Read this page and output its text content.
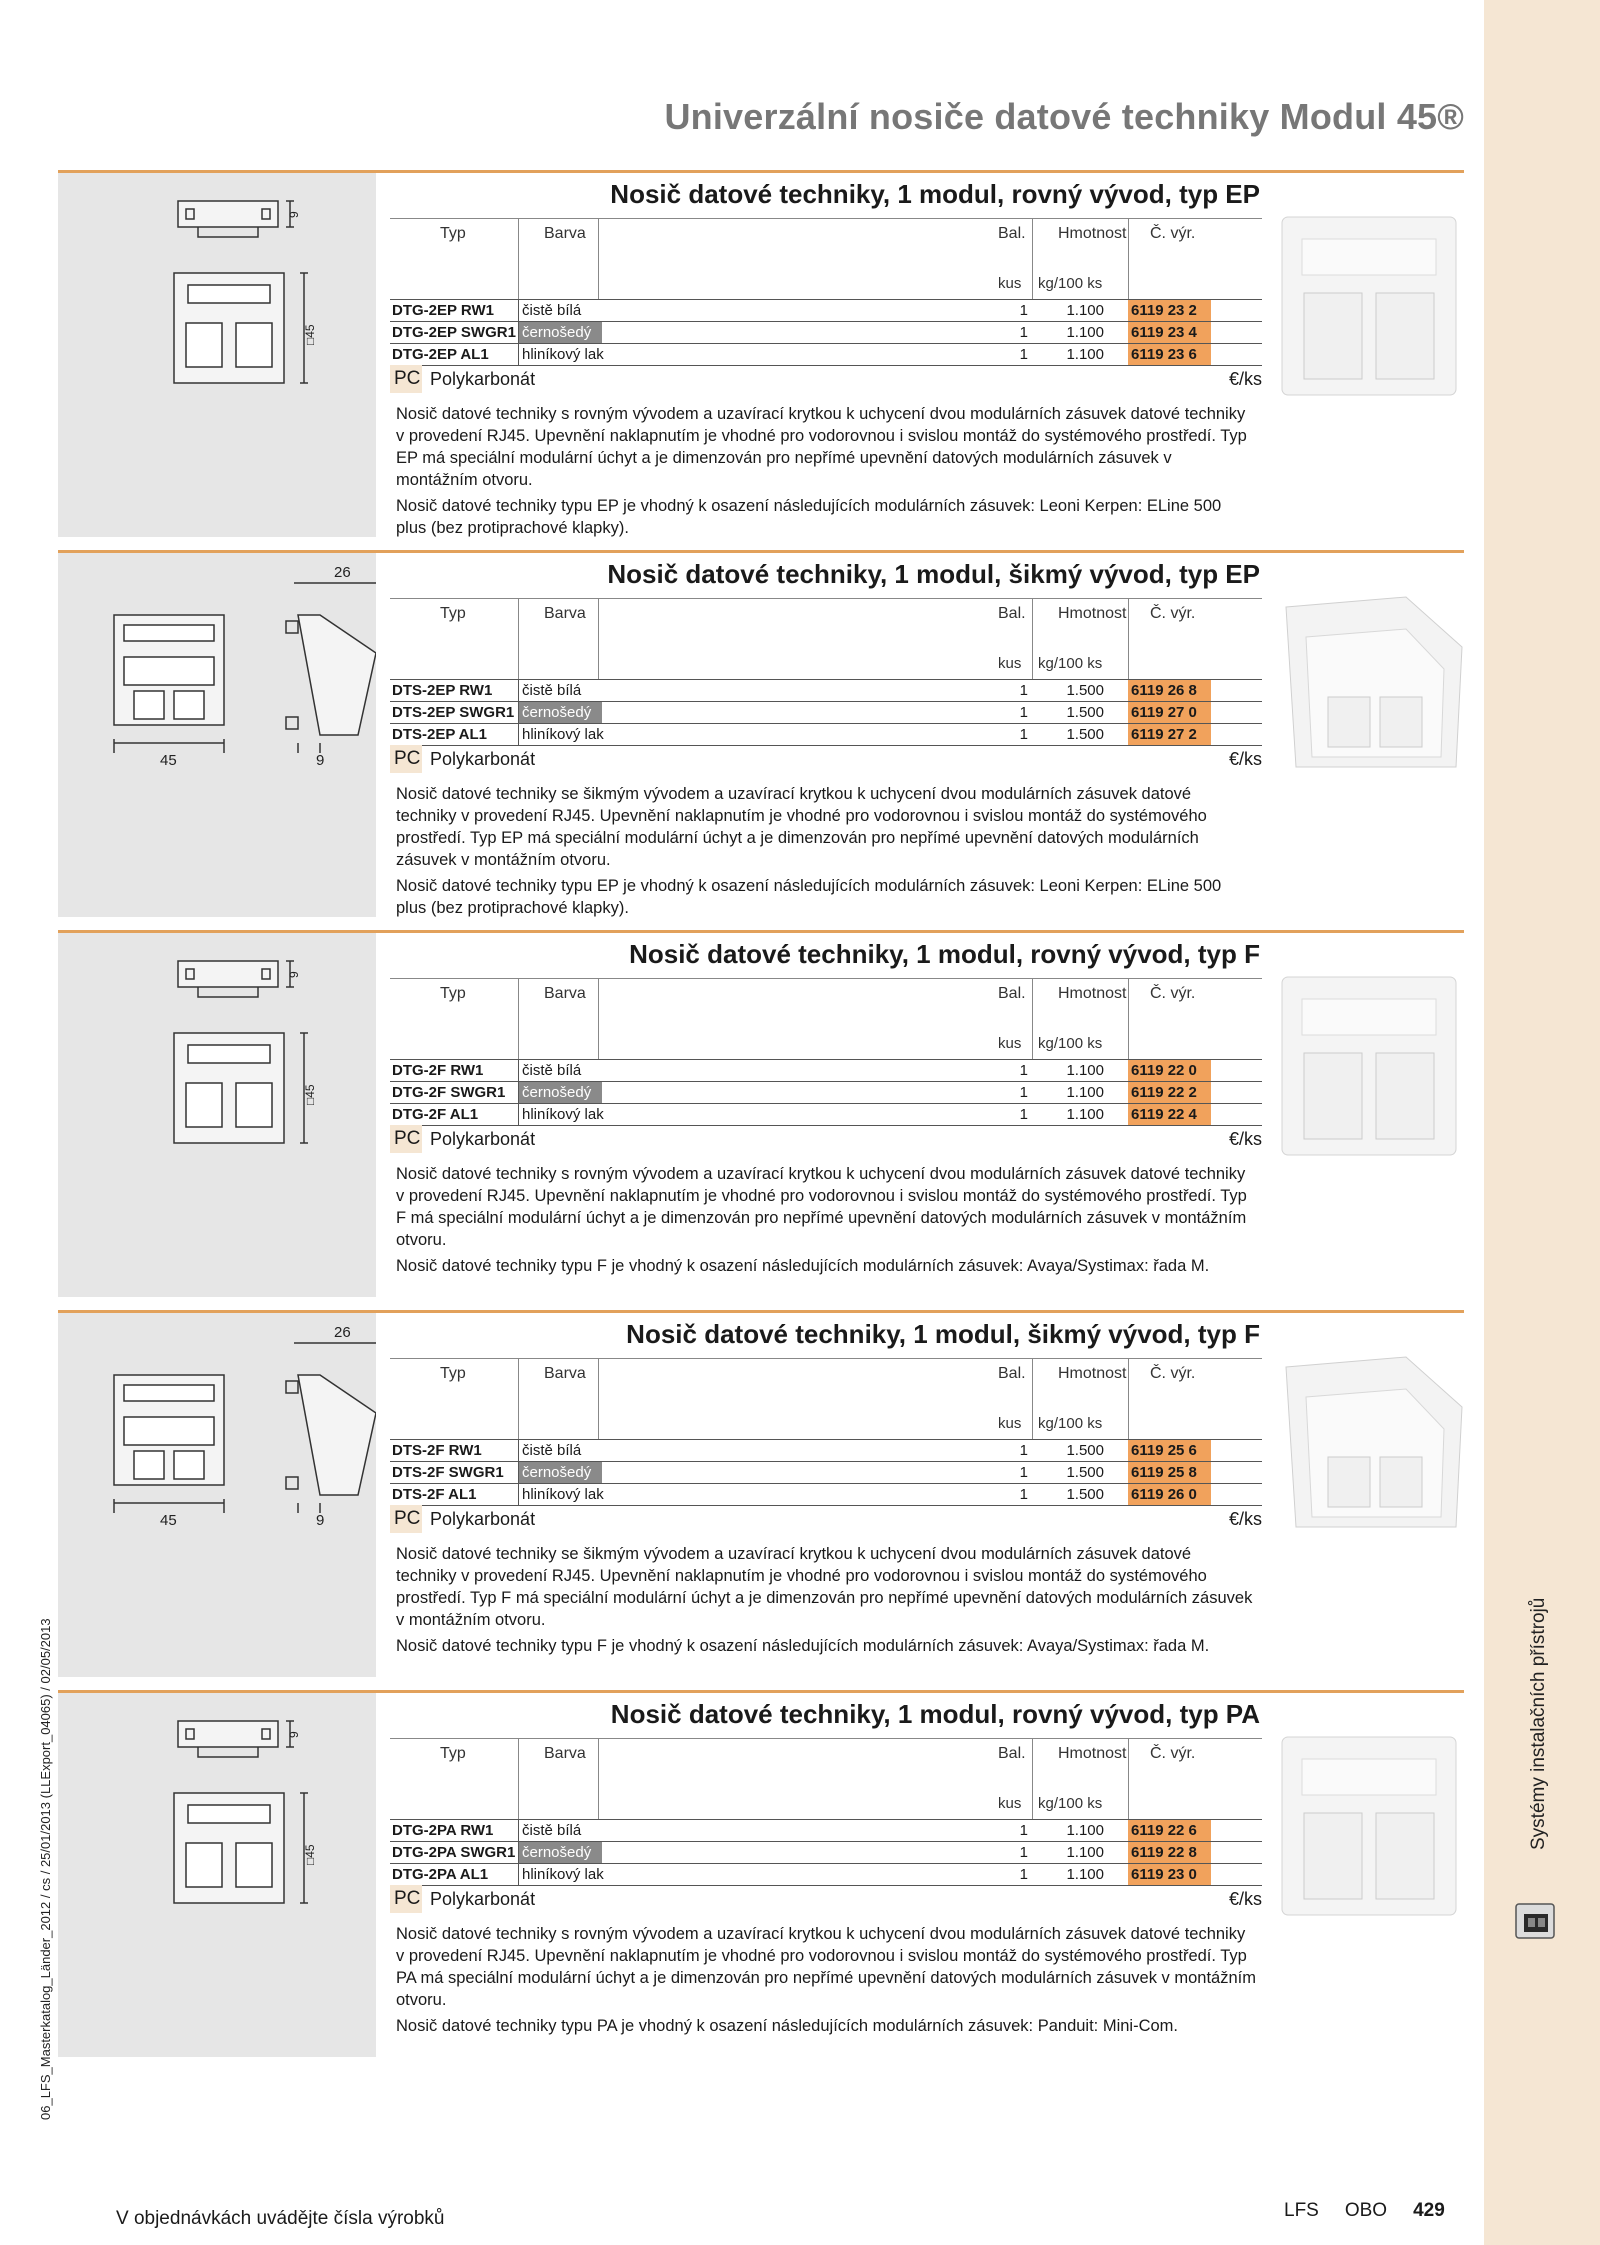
06_LFS_Masterkatalog_Länder_2012 / cs / 25/01/2013 (LLExport_04065) / 02/05/2013
Univerzální nosiče datové techniky Modul 45®
9
□45
Nosič datové techniky, 1 modul, rovný vývod, typ EP
Typ	Barva	Bal. Hmotnost Č. výr.
kus kg/100 ks
DTG-2EP RW1	čistě bílá	1	1.100 6119 23 2
DTG-2EP SWGR1 černošedý	1	1.100 6119 23 4
DTG-2EP AL1	hliníkový lak	1	1.100 6119 23 6
PC Polykarbonát	€/ks

Nosič datové techniky s rovným vývodem a uzavírací krytkou k uchycení dvou modulárních zásuvek datové techniky v provedení RJ45. Upevnění naklapnutím je vhodné pro vodorovnou i svislou montáž do systémového prostředí. Typ EP má speciální modulární úchyt a je dimenzován pro nepřímé upevnění datových modulárních zásuvek v montážním otvoru.

Nosič datové techniky typu EP je vhodný k osazení následujících modulárních zásuvek: Leoni Kerpen: ELine 500 plus (bez protiprachové klapky).

26
45	9
Nosič datové techniky, 1 modul, šikmý vývod, typ EP
Typ	Barva	Bal. Hmotnost Č. výr.
kus kg/100 ks
DTS-2EP RW1	čistě bílá	1	1.500 6119 26 8
DTS-2EP SWGR1 černošedý	1	1.500 6119 27 0
DTS-2EP AL1	hliníkový lak	1	1.500 6119 27 2
PC Polykarbonát	€/ks

Nosič datové techniky se šikmým vývodem a uzavírací krytkou k uchycení dvou modulárních zásuvek datové techniky v provedení RJ45. Upevnění naklapnutím je vhodné pro vodorovnou i svislou montáž do systémového prostředí. Typ EP má speciální modulární úchyt a je dimenzován pro nepřímé upevnění datových modulárních zásuvek v montážním otvoru.

Nosič datové techniky typu EP je vhodný k osazení následujících modulárních zásuvek: Leoni Kerpen: ELine 500 plus (bez protiprachové klapky).

9
□45
Nosič datové techniky, 1 modul, rovný vývod, typ F
Typ	Barva	Bal. Hmotnost Č. výr.
kus kg/100 ks
DTG-2F RW1	čistě bílá	1	1.100 6119 22 0
DTG-2F SWGR1	černošedý	1	1.100 6119 22 2
DTG-2F AL1	hliníkový lak	1	1.100 6119 22 4
PC Polykarbonát	€/ks

Nosič datové techniky s rovným vývodem a uzavírací krytkou k uchycení dvou modulárních zásuvek datové techniky v provedení RJ45. Upevnění naklapnutím je vhodné pro vodorovnou i svislou montáž do systémového prostředí. Typ F má speciální modulární úchyt a je dimenzován pro nepřímé upevnění datových modulárních zásuvek v montážním otvoru.

Nosič datové techniky typu F je vhodný k osazení následujících modulárních zásuvek: Avaya/Systimax: řada M.

26
45	9
Nosič datové techniky, 1 modul, šikmý vývod, typ F
Typ	Barva	Bal. Hmotnost Č. výr.
kus kg/100 ks
DTS-2F RW1	čistě bílá	1	1.500 6119 25 6
DTS-2F SWGR1	černošedý	1	1.500 6119 25 8
DTS-2F AL1	hliníkový lak	1	1.500 6119 26 0
PC Polykarbonát	€/ks

Nosič datové techniky se šikmým vývodem a uzavírací krytkou k uchycení dvou modulárních zásuvek datové techniky v provedení RJ45. Upevnění naklapnutím je vhodné pro vodorovnou i svislou montáž do systémového prostředí. Typ F má speciální modulární úchyt a je dimenzován pro nepřímé upevnění datových modulárních zásuvek v montážním otvoru.

Nosič datové techniky typu F je vhodný k osazení následujících modulárních zásuvek: Avaya/Systimax: řada M.

9
□45
Nosič datové techniky, 1 modul, rovný vývod, typ PA
Typ	Barva	Bal. Hmotnost Č. výr.
kus kg/100 ks
DTG-2PA RW1	čistě bílá	1	1.100 6119 22 6
DTG-2PA SWGR1 černošedý	1	1.100 6119 22 8
DTG-2PA AL1	hliníkový lak	1	1.100 6119 23 0
PC Polykarbonát	€/ks

Nosič datové techniky s rovným vývodem a uzavírací krytkou k uchycení dvou modulárních zásuvek datové techniky v provedení RJ45. Upevnění naklapnutím je vhodné pro vodorovnou i svislou montáž do systémového prostředí. Typ PA má speciální modulární úchyt a je dimenzován pro nepřímé upevnění datových modulárních zásuvek v montážním otvoru.

Nosič datové techniky typu PA je vhodný k osazení následujících modulárních zásuvek: Panduit: Mini-Com.

V objednávkách uvádějte čísla výrobků	LFS OBO 429
